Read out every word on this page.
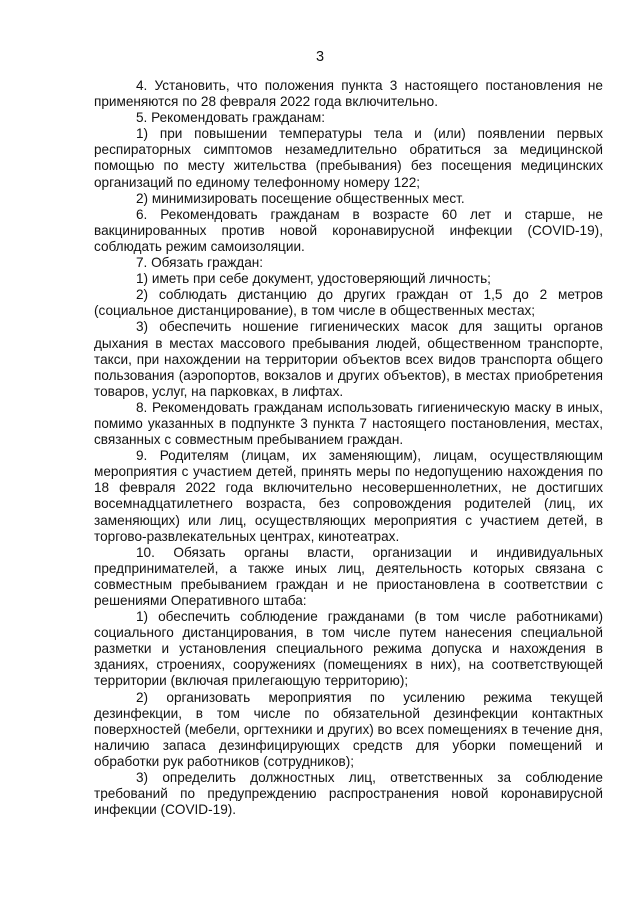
3

4. Установить, что положения пункта 3 настоящего постановления не применяются по 28 февраля 2022 года включительно.

5. Рекомендовать гражданам:

1) при повышении температуры тела и (или) появлении первых респираторных симптомов незамедлительно обратиться за медицинской помощью по месту жительства (пребывания) без посещения медицинских организаций по единому телефонному номеру 122;

2) минимизировать посещение общественных мест.

6. Рекомендовать гражданам в возрасте 60 лет и старше, не вакцинированных против новой коронавирусной инфекции (COVID-19), соблюдать режим самоизоляции.

7. Обязать граждан:

1) иметь при себе документ, удостоверяющий личность;

2) соблюдать дистанцию до других граждан от 1,5 до 2 метров (социальное дистанцирование), в том числе в общественных местах;

3) обеспечить ношение гигиенических масок для защиты органов дыхания в местах массового пребывания людей, общественном транспорте, такси, при нахождении на территории объектов всех видов транспорта общего пользования (аэропортов, вокзалов и других объектов), в местах приобретения товаров, услуг, на парковках, в лифтах.

8. Рекомендовать гражданам использовать гигиеническую маску в иных, помимо указанных в подпункте 3 пункта 7 настоящего постановления, местах, связанных с совместным пребыванием граждан.

9. Родителям (лицам, их заменяющим), лицам, осуществляющим мероприятия с участием детей, принять меры по недопущению нахождения по 18 февраля 2022 года включительно несовершеннолетних, не достигших восемнадцатилетнего возраста, без сопровождения родителей (лиц, их заменяющих) или лиц, осуществляющих мероприятия с участием детей, в торгово-развлекательных центрах, кинотеатрах.

10. Обязать органы власти, организации и индивидуальных предпринимателей, а также иных лиц, деятельность которых связана с совместным пребыванием граждан и не приостановлена в соответствии с решениями Оперативного штаба:

1) обеспечить соблюдение гражданами (в том числе работниками) социального дистанцирования, в том числе путем нанесения специальной разметки и установления специального режима допуска и нахождения в зданиях, строениях, сооружениях (помещениях в них), на соответствующей территории (включая прилегающую территорию);

2) организовать мероприятия по усилению режима текущей дезинфекции, в том числе по обязательной дезинфекции контактных поверхностей (мебели, оргтехники и других) во всех помещениях в течение дня, наличию запаса дезинфицирующих средств для уборки помещений и обработки рук работников (сотрудников);

3) определить должностных лиц, ответственных за соблюдение требований по предупреждению распространения новой коронавирусной инфекции (COVID-19).
